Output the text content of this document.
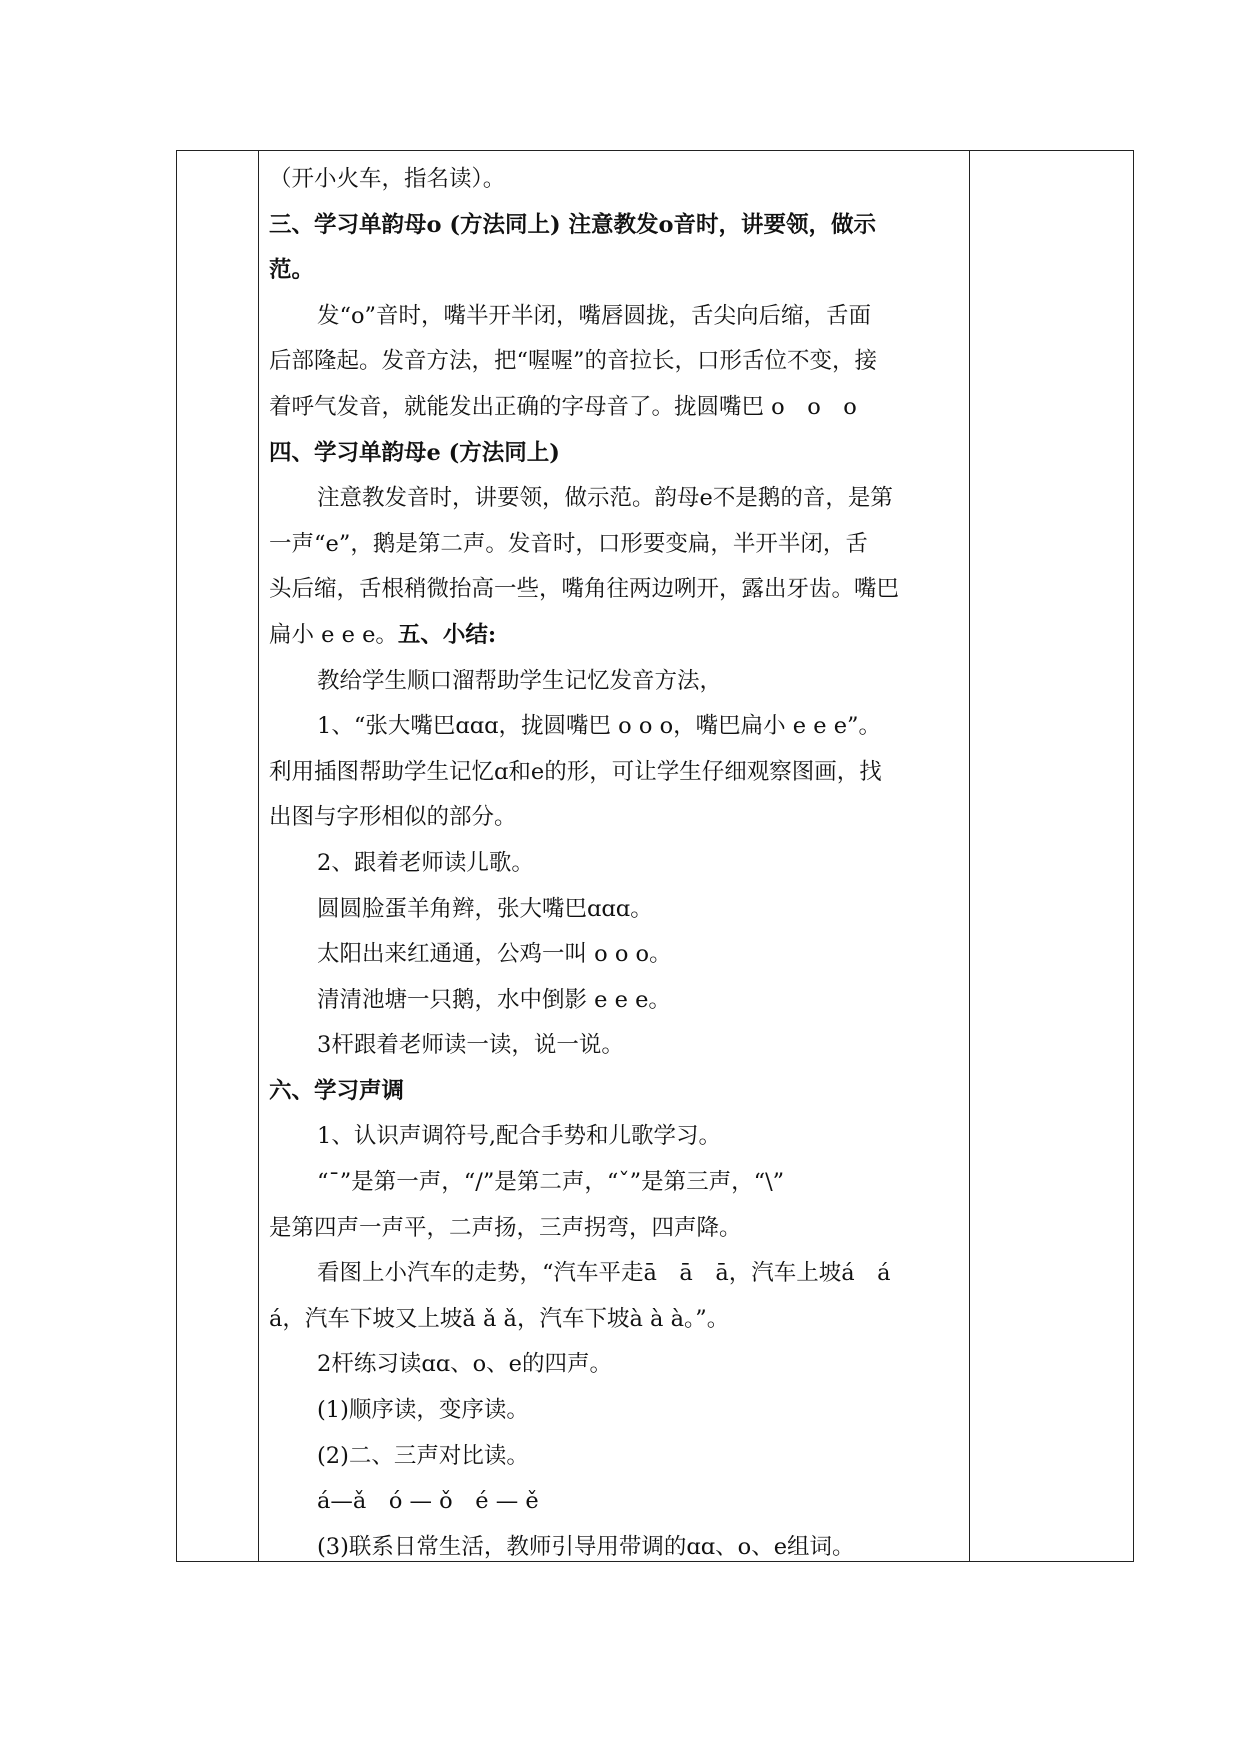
（开小火车，指名读）。
三、学习单韵母o (方法同上) 注意教发o音时，讲要领，做示
范。
发“o”音时，嘴半开半闭，嘴唇圆拢，舌尖向后缩，舌面
后部隆起。发音方法，把“喔喔”的音拉长，口形舌位不变，接
着呼气发音，就能发出正确的字母音了。拢圆嘴巴 o　o　o
四、学习单韵母e (方法同上)
注意教发音时，讲要领，做示范。韵母e不是鹅的音，是第
一声“e”，鹅是第二声。发音时，口形要变扁，半开半闭，舌
头后缩，舌根稍微抬高一些，嘴角往两边咧开，露出牙齿。嘴巴
扁小 e e e。五、小结:
教给学生顺口溜帮助学生记忆发音方法，
1、“张大嘴巴ɑɑɑ，拢圆嘴巴 o o o，嘴巴扁小 e e e”。
利用插图帮助学生记忆ɑ和e的形，可让学生仔细观察图画，找
出图与字形相似的部分。
2、跟着老师读儿歌。
圆圆脸蛋羊角辫，张大嘴巴ɑɑɑ。
太阳出来红通通，公鸡一叫 o o o。
清清池塘一只鹅，水中倒影 e e e。
3杆跟着老师读一读，说一说。
六、学习声调
1、认识声调符号,配合手势和儿歌学习。
“ˉ”是第一声，“/”是第二声，“ˇ”是第三声，“\”
是第四声一声平，二声扬，三声拐弯，四声降。
看图上小汽车的走势，“汽车平走ā　ā　ā，汽车上坡á　á
á，汽车下坡又上坡ǎ ǎ ǎ，汽车下坡à à à。”。
2杆练习读ɑɑ、o、e的四声。
(1)顺序读，变序读。
(2)二、三声对比读。
á—ǎ　ó — ǒ　é — ě
(3)联系日常生活，教师引导用带调的ɑɑ、o、e组词。
